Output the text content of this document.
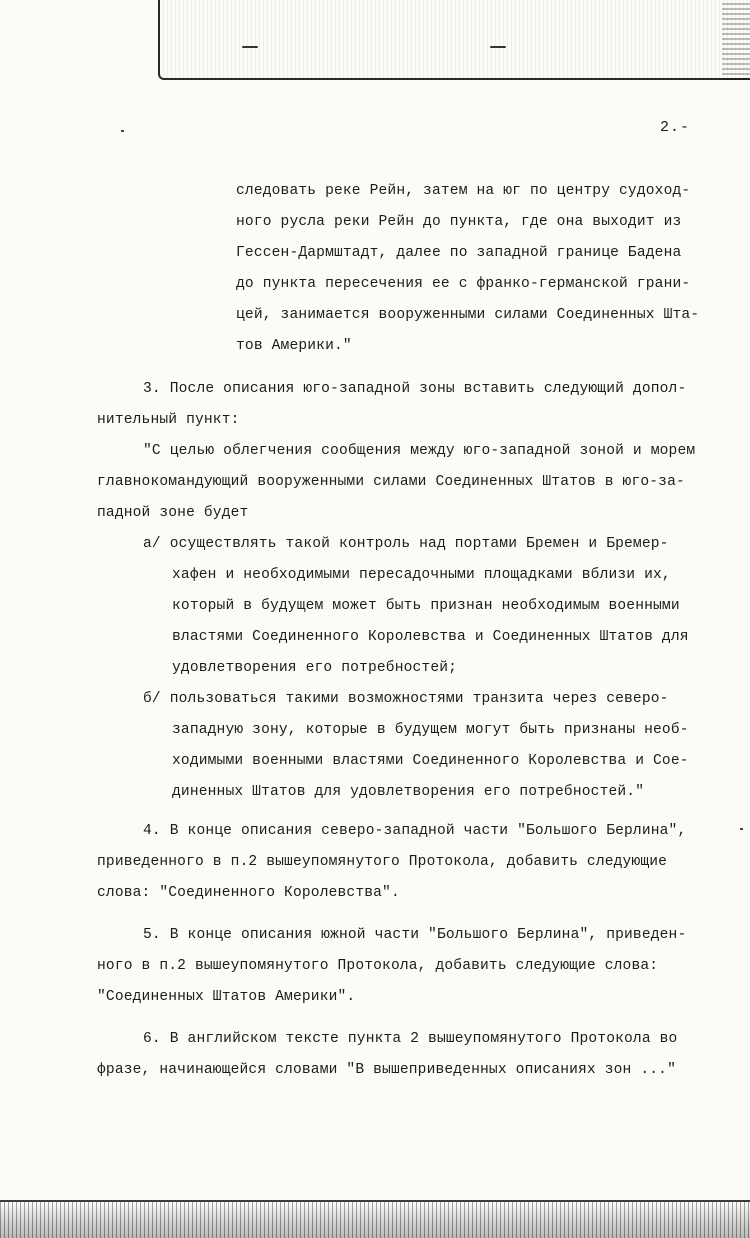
2.-
следовать реке Рейн, затем на юг по центру судоход-
ного русла реки Рейн до пункта, где она выходит из
Гессен-Дармштадт, далее по западной границе Бадена
до пункта пересечения ее с франко-германской грани-
цей, занимается вооруженными силами Соединенных Шта-
тов Америки."
3. После описания юго-западной зоны вставить следующий допол-
нительный пункт:
"С целью облегчения сообщения между юго-западной зоной и морем
главнокомандующий вооруженными силами Соединенных Штатов в юго-за-
падной зоне будет
а/ осуществлять такой контроль над портами Бремен и Бремер-
хафен и необходимыми пересадочными площадками вблизи их,
который в будущем может быть признан необходимым военными
властями Соединенного Королевства и Соединенных Штатов для
удовлетворения его потребностей;
б/ пользоваться такими возможностями транзита через северо-
западную зону, которые в будущем могут быть признаны необ-
ходимыми военными властями Соединенного Королевства и Сое-
диненных Штатов для удовлетворения его потребностей."
4. В конце описания северо-западной части "Большого Берлина",
приведенного в п.2 вышеупомянутого Протокола, добавить следующие
слова: "Соединенного Королевства".
5. В конце описания южной части "Большого Берлина", приведен-
ного в п.2 вышеупомянутого Протокола, добавить следующие слова:
"Соединенных Штатов Америки".
6. В английском тексте пункта 2 вышеупомянутого Протокола во
фразе, начинающейся словами "В вышеприведенных описаниях зон ..."
